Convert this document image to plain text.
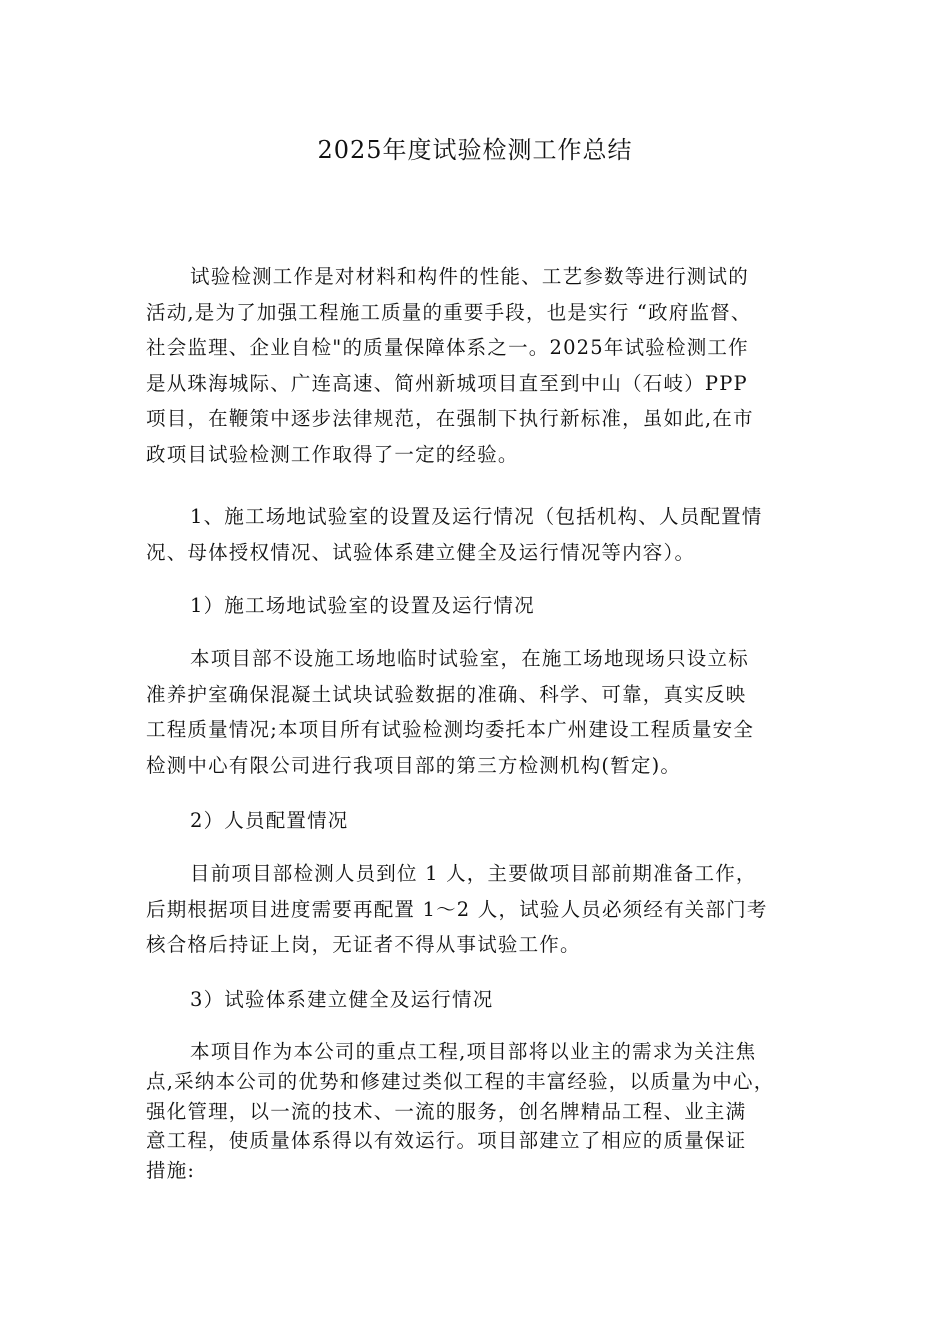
2025年度试验检测工作总结
试验检测工作是对材料和构件的性能、工艺参数等进行测试的
活动,是为了加强工程施工质量的重要手段，也是实行 “政府监督、
社会监理、企业自检"的质量保障体系之一。2025年试验检测工作
是从珠海城际、广连高速、简州新城项目直至到中山（石岐）PPP
项目，在鞭策中逐步法律规范，在强制下执行新标准，虽如此,在市
政项目试验检测工作取得了一定的经验。
1、施工场地试验室的设置及运行情况（包括机构、人员配置情
况、母体授权情况、试验体系建立健全及运行情况等内容）。
1）施工场地试验室的设置及运行情况
本项目部不设施工场地临时试验室，在施工场地现场只设立标
准养护室确保混凝土试块试验数据的准确、科学、可靠，真实反映
工程质量情况;本项目所有试验检测均委托本广州建设工程质量安全
检测中心有限公司进行我项目部的第三方检测机构(暂定)。
2）人员配置情况
目前项目部检测人员到位 1 人，主要做项目部前期准备工作，
后期根据项目进度需要再配置 1～2 人，试验人员必须经有关部门考
核合格后持证上岗，无证者不得从事试验工作。
3）试验体系建立健全及运行情况
本项目作为本公司的重点工程,项目部将以业主的需求为关注焦
点,采纳本公司的优势和修建过类似工程的丰富经验，以质量为中心，
强化管理，以一流的技术、一流的服务，创名牌精品工程、业主满
意工程，使质量体系得以有效运行。项目部建立了相应的质量保证
措施:
